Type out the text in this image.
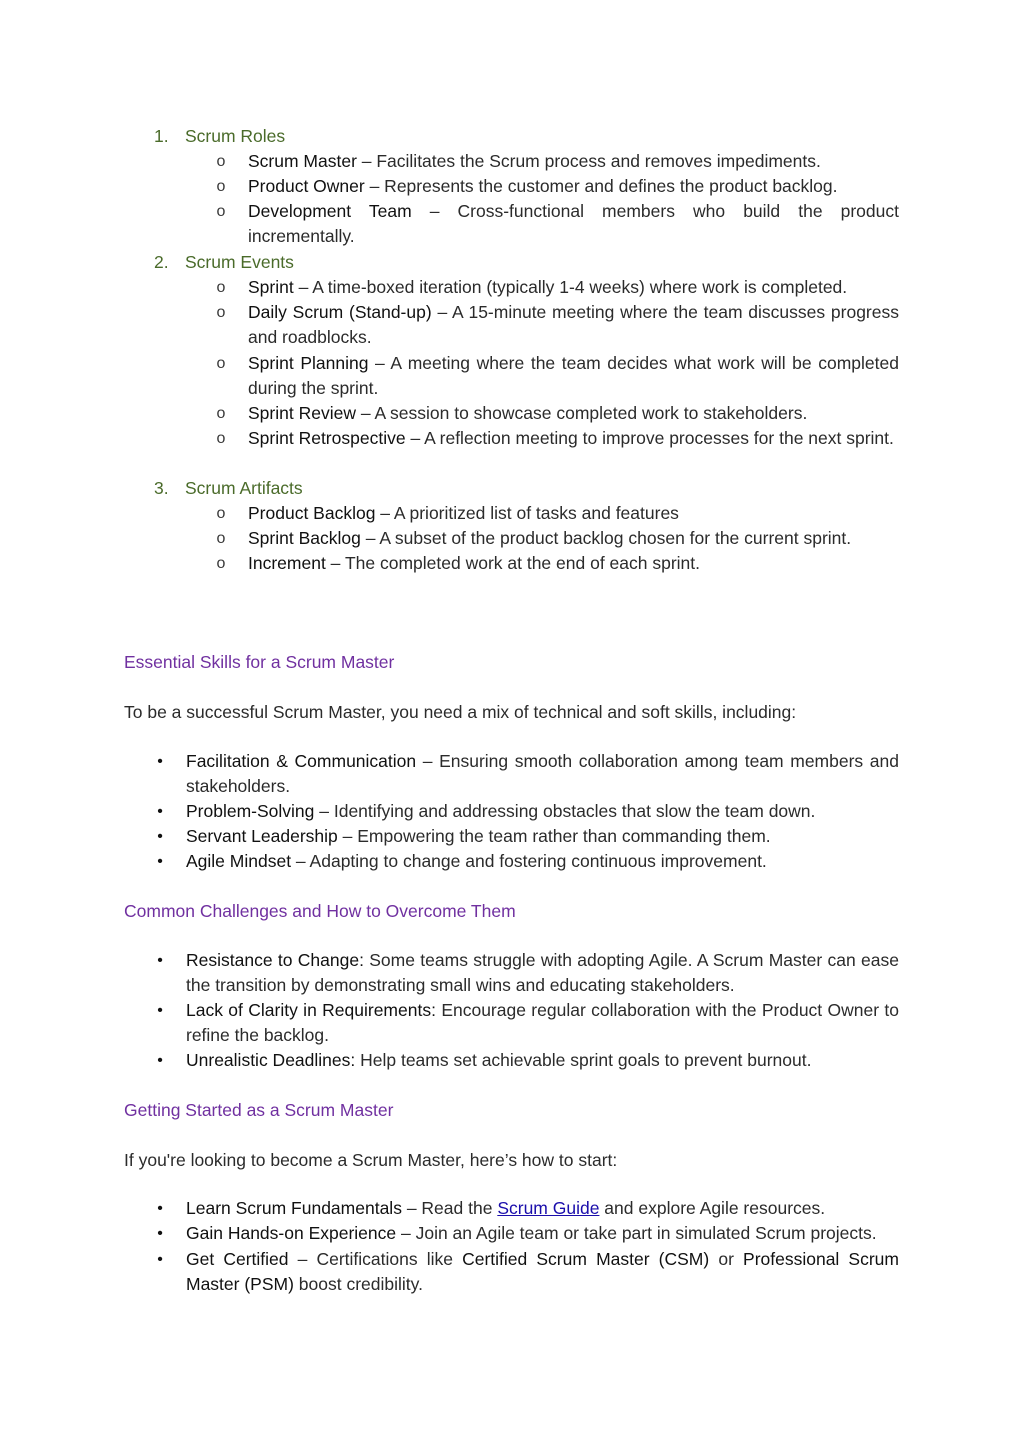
1. Scrum Roles
o Scrum Master – Facilitates the Scrum process and removes impediments.
o Product Owner – Represents the customer and defines the product backlog.
o Development Team – Cross-functional members who build the product incrementally.
2. Scrum Events
o Sprint – A time-boxed iteration (typically 1-4 weeks) where work is completed.
o Daily Scrum (Stand-up) – A 15-minute meeting where the team discusses progress and roadblocks.
o Sprint Planning – A meeting where the team decides what work will be completed during the sprint.
o Sprint Review – A session to showcase completed work to stakeholders.
o Sprint Retrospective – A reflection meeting to improve processes for the next sprint.
3. Scrum Artifacts
o Product Backlog – A prioritized list of tasks and features
o Sprint Backlog – A subset of the product backlog chosen for the current sprint.
o Increment – The completed work at the end of each sprint.
Essential Skills for a Scrum Master
To be a successful Scrum Master, you need a mix of technical and soft skills, including:
•	Facilitation & Communication – Ensuring smooth collaboration among team members and stakeholders.
•	Problem-Solving – Identifying and addressing obstacles that slow the team down.
•	Servant Leadership – Empowering the team rather than commanding them.
•	Agile Mindset – Adapting to change and fostering continuous improvement.
Common Challenges and How to Overcome Them
•	Resistance to Change: Some teams struggle with adopting Agile. A Scrum Master can ease the transition by demonstrating small wins and educating stakeholders.
•	Lack of Clarity in Requirements: Encourage regular collaboration with the Product Owner to refine the backlog.
•	Unrealistic Deadlines: Help teams set achievable sprint goals to prevent burnout.
Getting Started as a Scrum Master
If you're looking to become a Scrum Master, here’s how to start:
•	Learn Scrum Fundamentals – Read the Scrum Guide and explore Agile resources.
•	Gain Hands-on Experience – Join an Agile team or take part in simulated Scrum projects.
•	Get Certified – Certifications like Certified Scrum Master (CSM) or Professional Scrum Master (PSM) boost credibility.
